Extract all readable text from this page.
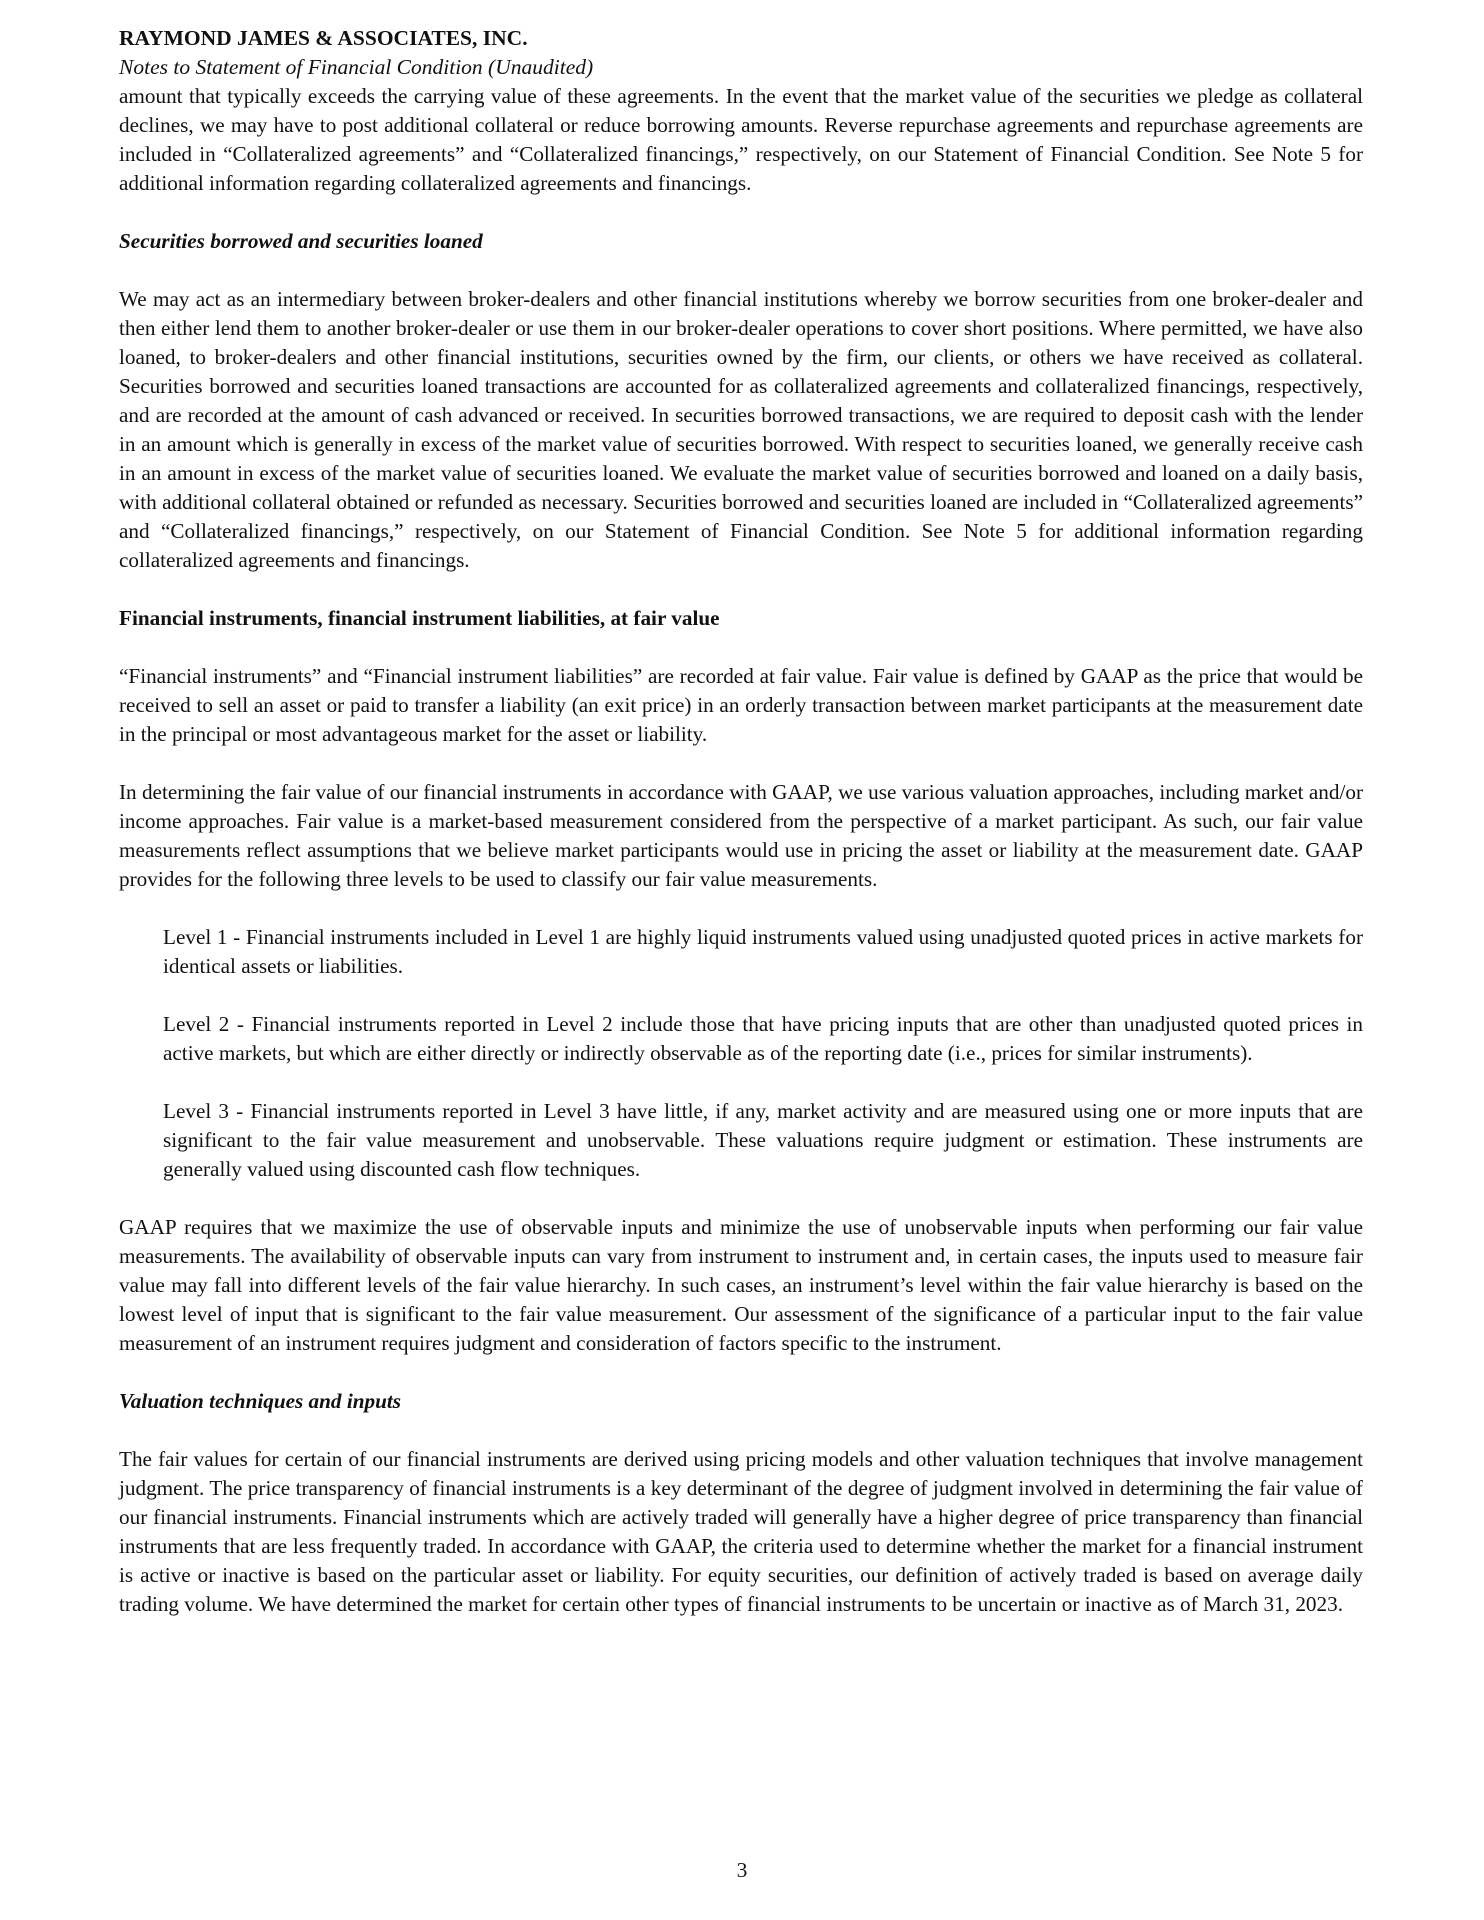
RAYMOND JAMES & ASSOCIATES, INC.
Notes to Statement of Financial Condition (Unaudited)

amount that typically exceeds the carrying value of these agreements. In the event that the market value of the securities we pledge as collateral declines, we may have to post additional collateral or reduce borrowing amounts. Reverse repurchase agreements and repurchase agreements are included in “Collateralized agreements” and “Collateralized financings,” respectively, on our Statement of Financial Condition. See Note 5 for additional information regarding collateralized agreements and financings.

Securities borrowed and securities loaned

We may act as an intermediary between broker-dealers and other financial institutions whereby we borrow securities from one broker-dealer and then either lend them to another broker-dealer or use them in our broker-dealer operations to cover short positions. Where permitted, we have also loaned, to broker-dealers and other financial institutions, securities owned by the firm, our clients, or others we have received as collateral. Securities borrowed and securities loaned transactions are accounted for as collateralized agreements and collateralized financings, respectively, and are recorded at the amount of cash advanced or received. In securities borrowed transactions, we are required to deposit cash with the lender in an amount which is generally in excess of the market value of securities borrowed. With respect to securities loaned, we generally receive cash in an amount in excess of the market value of securities loaned. We evaluate the market value of securities borrowed and loaned on a daily basis, with additional collateral obtained or refunded as necessary. Securities borrowed and securities loaned are included in “Collateralized agreements” and “Collateralized financings,” respectively, on our Statement of Financial Condition. See Note 5 for additional information regarding collateralized agreements and financings.

Financial instruments, financial instrument liabilities, at fair value

“Financial instruments” and “Financial instrument liabilities” are recorded at fair value. Fair value is defined by GAAP as the price that would be received to sell an asset or paid to transfer a liability (an exit price) in an orderly transaction between market participants at the measurement date in the principal or most advantageous market for the asset or liability.

In determining the fair value of our financial instruments in accordance with GAAP, we use various valuation approaches, including market and/or income approaches. Fair value is a market-based measurement considered from the perspective of a market participant. As such, our fair value measurements reflect assumptions that we believe market participants would use in pricing the asset or liability at the measurement date. GAAP provides for the following three levels to be used to classify our fair value measurements.

Level 1 - Financial instruments included in Level 1 are highly liquid instruments valued using unadjusted quoted prices in active markets for identical assets or liabilities.

Level 2 - Financial instruments reported in Level 2 include those that have pricing inputs that are other than unadjusted quoted prices in active markets, but which are either directly or indirectly observable as of the reporting date (i.e., prices for similar instruments).

Level 3 - Financial instruments reported in Level 3 have little, if any, market activity and are measured using one or more inputs that are significant to the fair value measurement and unobservable. These valuations require judgment or estimation. These instruments are generally valued using discounted cash flow techniques.

GAAP requires that we maximize the use of observable inputs and minimize the use of unobservable inputs when performing our fair value measurements. The availability of observable inputs can vary from instrument to instrument and, in certain cases, the inputs used to measure fair value may fall into different levels of the fair value hierarchy. In such cases, an instrument’s level within the fair value hierarchy is based on the lowest level of input that is significant to the fair value measurement. Our assessment of the significance of a particular input to the fair value measurement of an instrument requires judgment and consideration of factors specific to the instrument.

Valuation techniques and inputs

The fair values for certain of our financial instruments are derived using pricing models and other valuation techniques that involve management judgment. The price transparency of financial instruments is a key determinant of the degree of judgment involved in determining the fair value of our financial instruments. Financial instruments which are actively traded will generally have a higher degree of price transparency than financial instruments that are less frequently traded. In accordance with GAAP, the criteria used to determine whether the market for a financial instrument is active or inactive is based on the particular asset or liability. For equity securities, our definition of actively traded is based on average daily trading volume. We have determined the market for certain other types of financial instruments to be uncertain or inactive as of March 31, 2023.

3
